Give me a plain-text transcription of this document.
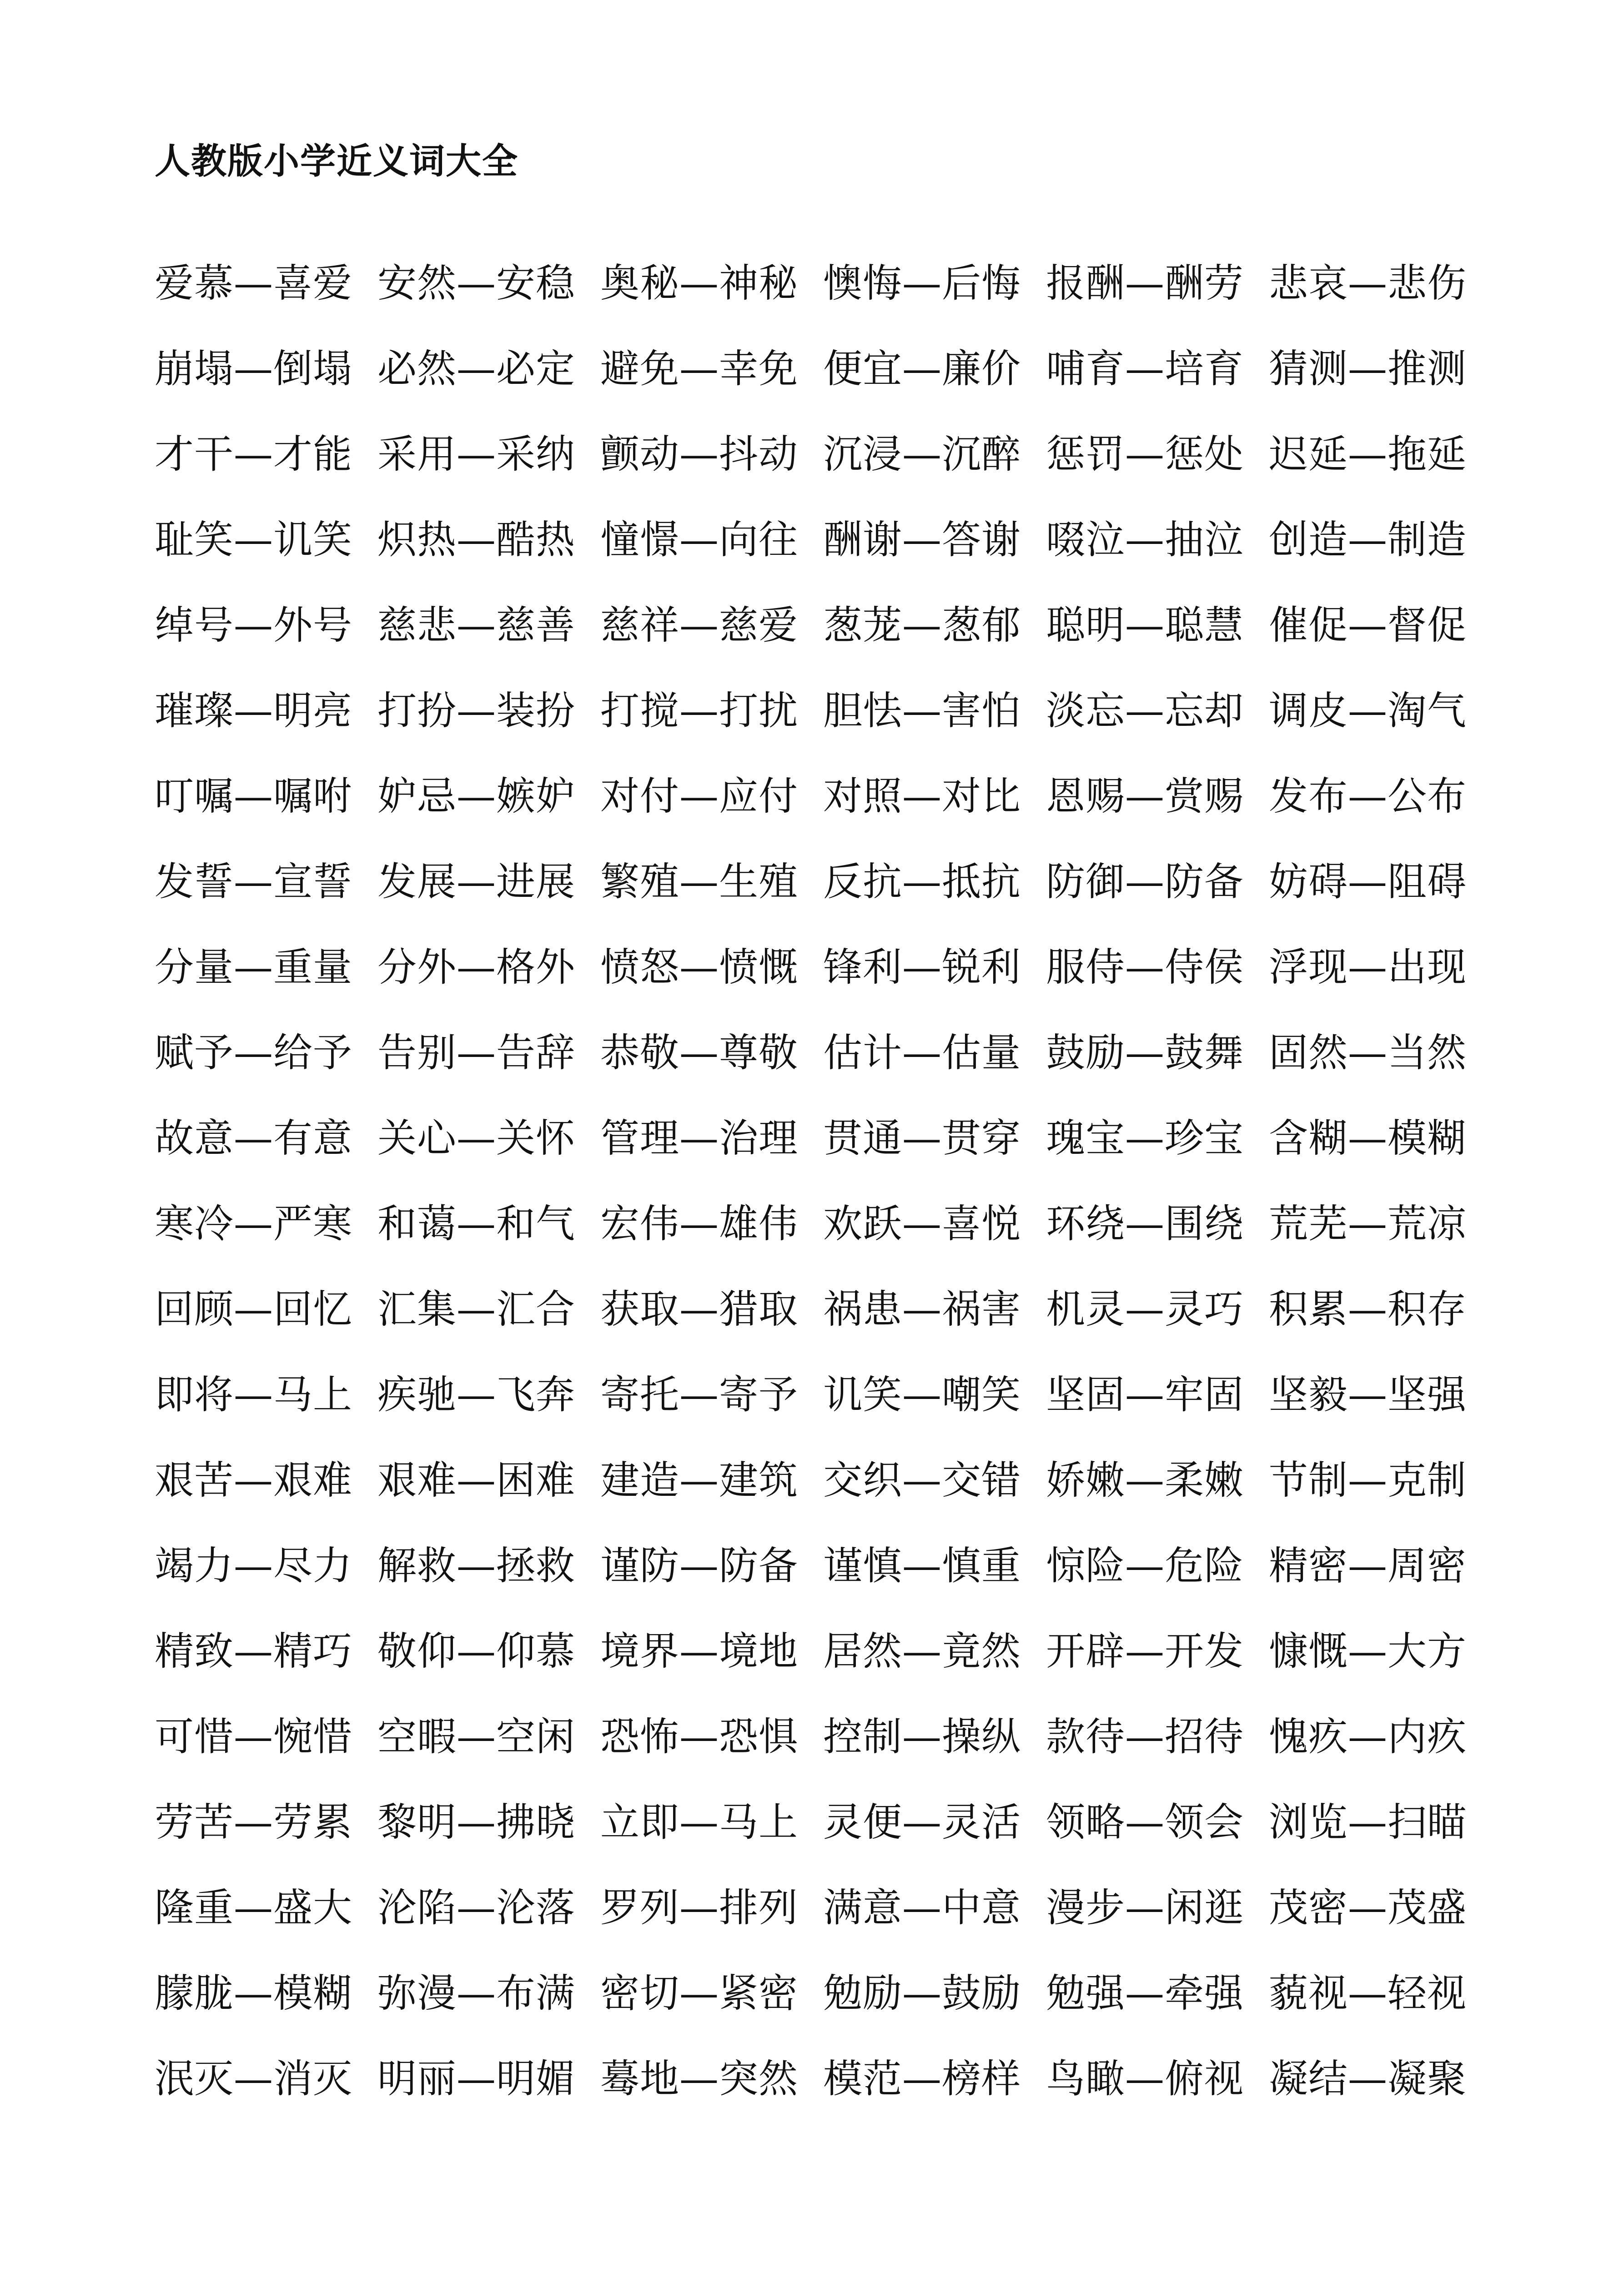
人教版小学近义词大全
爱慕—喜爱 安然—安稳 奥秘—神秘 懊悔—后悔 报酬—酬劳 悲哀—悲伤
崩塌—倒塌 必然—必定 避免—幸免 便宜—廉价 哺育—培育 猜测—推测
才干—才能 采用—采纳 颤动—抖动 沉浸—沉醉 惩罚—惩处 迟延—拖延
耻笑—讥笑 炽热—酷热 憧憬—向往 酬谢—答谢 啜泣—抽泣 创造—制造
绰号—外号 慈悲—慈善 慈祥—慈爱 葱茏—葱郁 聪明—聪慧 催促—督促
璀璨—明亮 打扮—装扮 打搅—打扰 胆怯—害怕 淡忘—忘却 调皮—淘气
叮嘱—嘱咐 妒忌—嫉妒 对付—应付 对照—对比 恩赐—赏赐 发布—公布
发誓—宣誓 发展—进展 繁殖—生殖 反抗—抵抗 防御—防备 妨碍—阻碍
分量—重量 分外—格外 愤怒—愤慨 锋利—锐利 服侍—侍侯 浮现—出现
赋予—给予 告别—告辞 恭敬—尊敬 估计—估量 鼓励—鼓舞 固然—当然
故意—有意 关心—关怀 管理—治理 贯通—贯穿 瑰宝—珍宝 含糊—模糊
寒冷—严寒 和蔼—和气 宏伟—雄伟 欢跃—喜悦 环绕—围绕 荒芜—荒凉
回顾—回忆 汇集—汇合 获取—猎取 祸患—祸害 机灵—灵巧 积累—积存
即将—马上 疾驰—飞奔 寄托—寄予 讥笑—嘲笑 坚固—牢固 坚毅—坚强
艰苦—艰难 艰难—困难 建造—建筑 交织—交错 娇嫩—柔嫩 节制—克制
竭力—尽力 解救—拯救 谨防—防备 谨慎—慎重 惊险—危险 精密—周密
精致—精巧 敬仰—仰慕 境界—境地 居然—竟然 开辟—开发 慷慨—大方
可惜—惋惜 空暇—空闲 恐怖—恐惧 控制—操纵 款待—招待 愧疚—内疚
劳苦—劳累 黎明—拂晓 立即—马上 灵便—灵活 领略—领会 浏览—扫瞄
隆重—盛大 沦陷—沦落 罗列—排列 满意—中意 漫步—闲逛 茂密—茂盛
朦胧—模糊 弥漫—布满 密切—紧密 勉励—鼓励 勉强—牵强 藐视—轻视
泯灭—消灭 明丽—明媚 蓦地—突然 模范—榜样 鸟瞰—俯视 凝结—凝聚
